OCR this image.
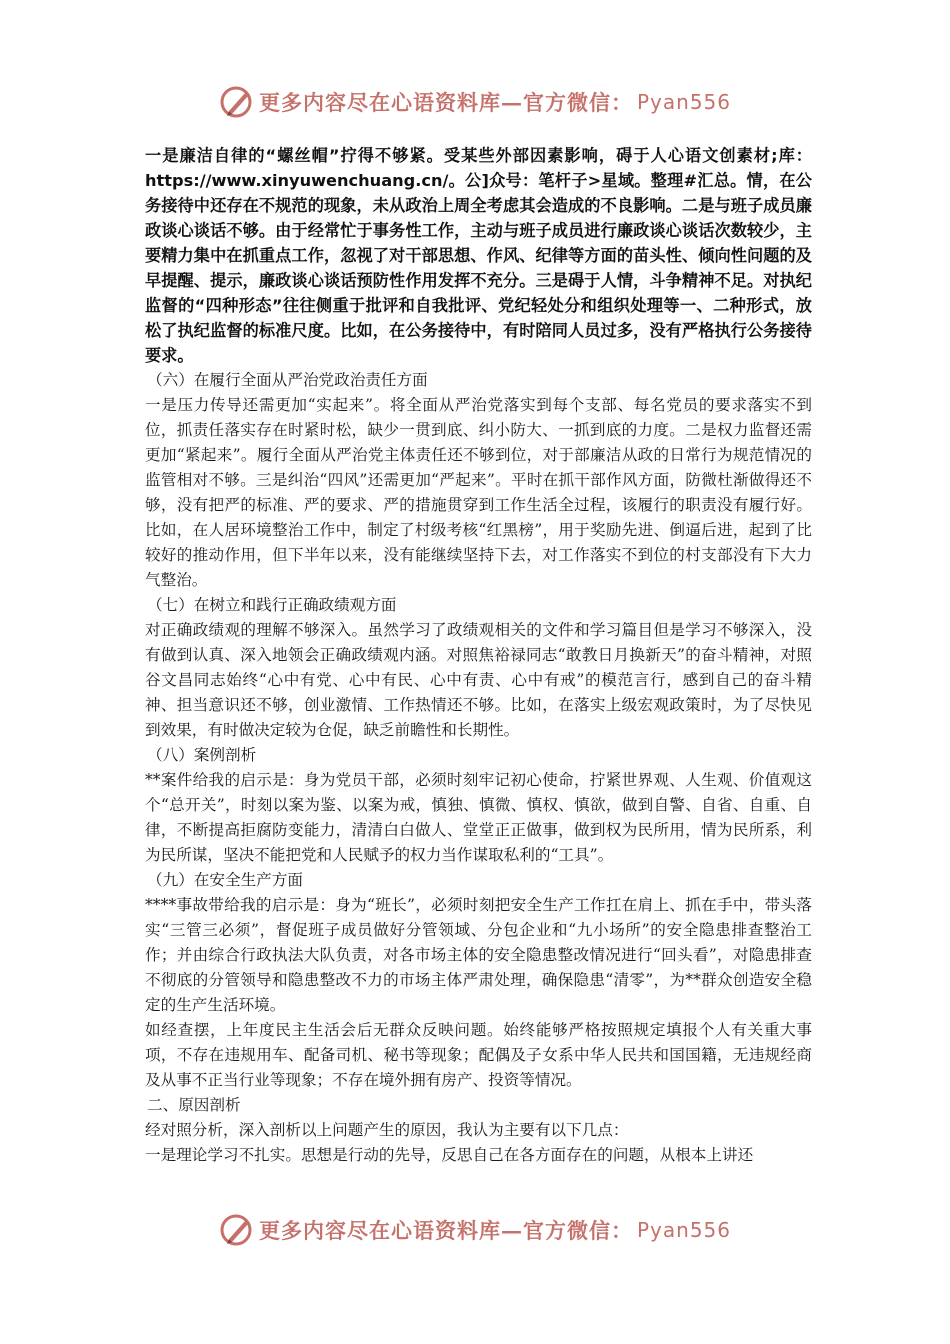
更多内容尽在心语资料库—官方微信： Pyan556

一是廉洁自律的“螺丝帽”拧得不够紧。受某些外部因素影响，碍于人心语文创素材;库：https://www.xinyuwenchuang.cn/。公]众号：笔杆子>星域。整理#汇总。情，在公务接待中还存在不规范的现象，未从政治上周全考虑其会造成的不良影响。二是与班子成员廉政谈心谈话不够。由于经常忙于事务性工作，主动与班子成员进行廉政谈心谈话次数较少，主要精力集中在抓重点工作，忽视了对干部思想、作风、纪律等方面的苗头性、倾向性问题的及早提醒、提示，廉政谈心谈话预防性作用发挥不充分。三是碍于人情，斗争精神不足。对执纪监督的“四种形态”往往侧重于批评和自我批评、党纪轻处分和组织处理等一、二种形式，放松了执纪监督的标准尺度。比如，在公务接待中，有时陪同人员过多，没有严格执行公务接待要求。

（六）在履行全面从严治党政治责任方面

一是压力传导还需更加“实起来”。将全面从严治党落实到每个支部、每名党员的要求落实不到位，抓责任落实存在时紧时松，缺少一贯到底、纠小防大、一抓到底的力度。二是权力监督还需更加“紧起来”。履行全面从严治党主体责任还不够到位，对于部廉洁从政的日常行为规范情况的监管相对不够。三是纠治“四风”还需更加“严起来”。平时在抓干部作风方面，防微杜渐做得还不够，没有把严的标准、严的要求、严的措施贯穿到工作生活全过程，该履行的职责没有履行好。比如，在人居环境整治工作中，制定了村级考核“红黑榜”，用于奖励先进、倒逼后进，起到了比较好的推动作用，但下半年以来，没有能继续坚持下去，对工作落实不到位的村支部没有下大力气整治。

（七）在树立和践行正确政绩观方面

对正确政绩观的理解不够深入。虽然学习了政绩观相关的文件和学习篇目但是学习不够深入，没有做到认真、深入地领会正确政绩观内涵。对照焦裕禄同志“敢教日月换新天”的奋斗精神，对照谷文昌同志始终“心中有党、心中有民、心中有责、心中有戒”的模范言行，感到自己的奋斗精神、担当意识还不够，创业激情、工作热情还不够。比如，在落实上级宏观政策时，为了尽快见到效果，有时做决定较为仓促，缺乏前瞻性和长期性。

（八）案例剖析

**案件给我的启示是：身为党员干部，必须时刻牢记初心使命，拧紧世界观、人生观、价值观这个“总开关”，时刻以案为鉴、以案为戒，慎独、慎微、慎权、慎欲，做到自警、自省、自重、自律，不断提高拒腐防变能力，清清白白做人、堂堂正正做事，做到权为民所用，情为民所系，利为民所谋，坚决不能把党和人民赋予的权力当作谋取私利的“工具”。

（九）在安全生产方面

****事故带给我的启示是：身为“班长”，必须时刻把安全生产工作扛在肩上、抓在手中，带头落实“三管三必须”，督促班子成员做好分管领域、分包企业和“九小场所”的安全隐患排查整治工作；并由综合行政执法大队负责，对各市场主体的安全隐患整改情况进行“回头看”，对隐患排查不彻底的分管领导和隐患整改不力的市场主体严肃处理，确保隐患“清零”，为**群众创造安全稳定的生产生活环境。

如经查摆，上年度民主生活会后无群众反映问题。始终能够严格按照规定填报个人有关重大事项，不存在违规用车、配备司机、秘书等现象；配偶及子女系中华人民共和国国籍，无违规经商及从事不正当行业等现象；不存在境外拥有房产、投资等情况。

二、原因剖析

经对照分析，深入剖析以上问题产生的原因，我认为主要有以下几点：

一是理论学习不扎实。思想是行动的先导，反思自己在各方面存在的问题，从根本上讲还

更多内容尽在心语资料库—官方微信： Pyan556
